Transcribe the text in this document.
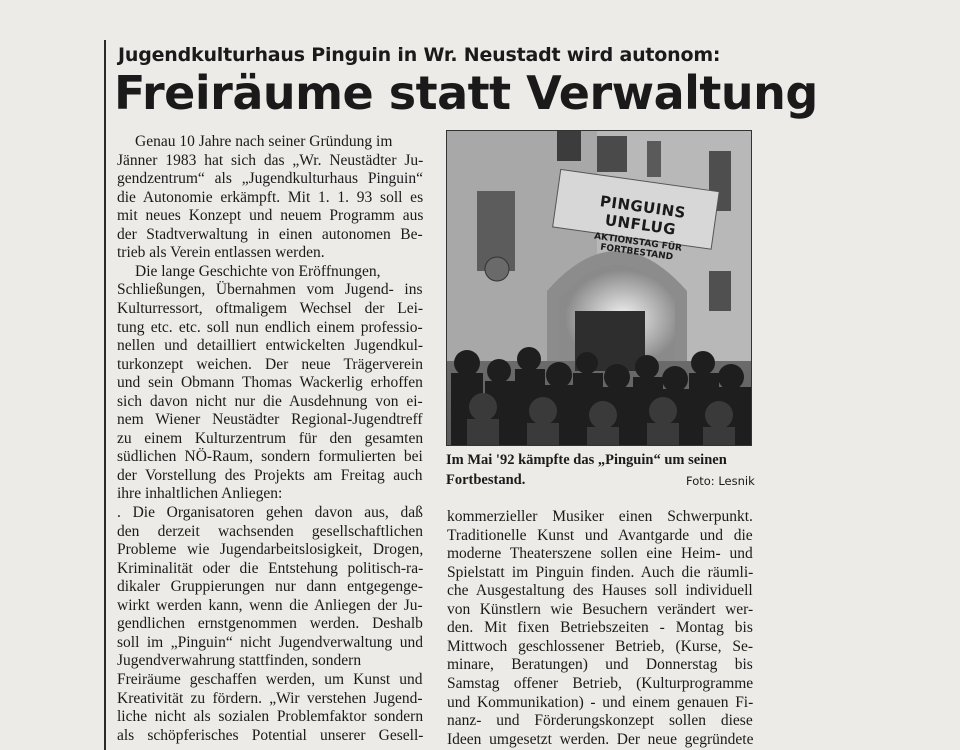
Jugendkulturhaus Pinguin in Wr. Neustadt wird autonom:
Freiräume statt Verwaltung
Genau 10 Jahre nach seiner Gründung im
Jänner 1983 hat sich das „Wr. Neustädter Ju-
gendzentrum“ als „Jugendkulturhaus Pinguin“
die Autonomie erkämpft. Mit 1. 1. 93 soll es
mit neues Konzept und neuem Programm aus
der Stadtverwaltung in einen autonomen Be-
trieb als Verein entlassen werden.
Die lange Geschichte von Eröffnungen,
Schließungen, Übernahmen vom Jugend- ins
Kulturressort, oftmaligem Wechsel der Lei-
tung etc. etc. soll nun endlich einem professio-
nellen und detailliert entwickelten Jugendkul-
turkonzept weichen. Der neue Trägerverein
und sein Obmann Thomas Wackerlig erhoffen
sich davon nicht nur die Ausdehnung von ei-
nem Wiener Neustädter Regional-Jugendtreff
zu einem Kulturzentrum für den gesamten
südlichen NÖ-Raum, sondern formulierten bei
der Vorstellung des Projekts am Freitag auch
ihre inhaltlichen Anliegen:
. Die Organisatoren gehen davon aus, daß
den derzeit wachsenden gesellschaftlichen
Probleme wie Jugendarbeitslosigkeit, Drogen,
Kriminalität oder die Entstehung politisch-ra-
dikaler Gruppierungen nur dann entgegenge-
wirkt werden kann, wenn die Anliegen der Ju-
gendlichen ernstgenommen werden. Deshalb
soll im „Pinguin“ nicht Jugendverwaltung und
Jugendverwahrung stattfinden, sondern
Freiräume geschaffen werden, um Kunst und
Kreativität zu fördern. „Wir verstehen Jugend-
liche nicht als sozialen Problemfaktor sondern
als schöpferisches Potential unserer Gesell-
PINGUINS UNFLUG
AKTIONSTAG FÜR FORTBESTAND
Im Mai '92 kämpfte das „Pinguin“ um seinen
Fortbestand.	Foto: Lesnik
kommerzieller Musiker einen Schwerpunkt.
Traditionelle Kunst und Avantgarde und die
moderne Theaterszene sollen eine Heim- und
Spielstatt im Pinguin finden. Auch die räumli-
che Ausgestaltung des Hauses soll individuell
von Künstlern wie Besuchern verändert wer-
den. Mit fixen Betriebszeiten - Montag bis
Mittwoch geschlossener Betrieb, (Kurse, Se-
minare, Beratungen) und Donnerstag bis
Samstag offener Betrieb, (Kulturprogramme
und Kommunikation) - und einem genauen Fi-
nanz- und Förderungskonzept sollen diese
Ideen umgesetzt werden. Der neue gegründete
